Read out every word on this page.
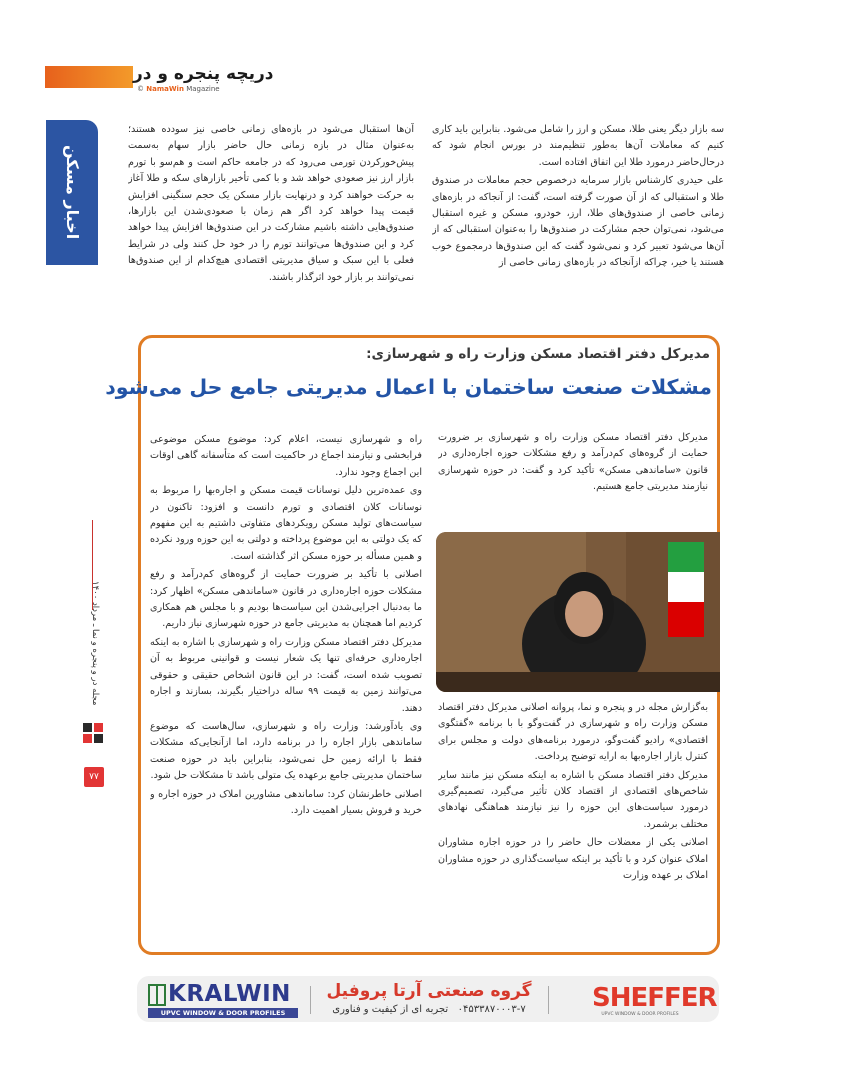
دریچه پنجره و در
© NamaWin Magazine
اخبار مسکن
مجله در و پنجره و نما ـ مرداد ۱۴۰۰
۷۷

سه بازار دیگر یعنی طلا، مسکن و ارز را شامل می‌شود. بنابراین باید کاری کنیم که معاملات آن‌ها به‌طور تنظیم‌مند در بورس انجام شود که درحال‌حاضر درمورد طلا این اتفاق افتاده است.

علی حیدری کارشناس بازار سرمایه درخصوص حجم معاملات در صندوق طلا و استقبالی که از آن صورت گرفته است، گفت: از آنجاکه در بازه‌های زمانی خاصی از صندوق‌های طلا، ارز، خودرو، مسکن و غیره استقبال می‌شود، نمی‌توان حجم مشارکت در صندوق‌ها را به‌عنوان استقبالی که از آن‌ها می‌شود تعبیر کرد و نمی‌شود گفت که این صندوق‌ها درمجموع خوب هستند یا خیر، چراکه ازآنجاکه در بازه‌های زمانی خاصی از

آن‌ها استقبال می‌شود در بازه‌های زمانی خاصی نیز سودده هستند؛ به‌عنوان مثال در بازه زمانی حال حاضر بازار سهام به‌سمت پیش‌خورکردن تورمی می‌رود که در جامعه حاکم است و هم‌سو با تورم بازار ارز نیز صعودی خواهد شد و با کمی تأخیر بازارهای سکه و طلا آغاز به حرکت خواهند کرد و درنهایت بازار مسکن یک حجم سنگینی افزایش قیمت پیدا خواهد کرد اگر هم زمان با صعودی‌شدن این بازارها، صندوق‌هایی داشته باشیم مشارکت در این صندوق‌ها افزایش پیدا خواهد کرد و این صندوق‌ها می‌توانند تورم را در خود حل کنند ولی در شرایط فعلی با این سبک و سیاق مدیریتی اقتصادی هیچ‌کدام از این صندوق‌ها نمی‌توانند بر بازار خود اثرگذار باشند.

مدیرکل دفتر اقتصاد مسکن وزارت راه و شهرسازی:
مشکلات صنعت ساختمان با اعمال مدیریتی جامع حل می‌شود

مدیرکل دفتر اقتصاد مسکن وزارت راه و شهرسازی بر ضرورت حمایت از گروه‌های کم‌درآمد و رفع مشکلات حوزه اجاره‌داری در قانون «ساماندهی مسکن» تأکید کرد و گفت: در حوزه شهرسازی نیازمند مدیریتی جامع هستیم.

به‌گزارش مجله در و پنجره و نما، پروانه اصلانی مدیرکل دفتر اقتصاد مسکن وزارت راه و شهرسازی در گفت‌وگو با با برنامه «گفتگوی اقتصادی» رادیو گفت‌وگو، درمورد برنامه‌های دولت و مجلس برای کنترل بازار اجاره‌بها به ارایه توضیح پرداخت.

مدیرکل دفتر اقتصاد مسکن با اشاره به اینکه مسکن نیز مانند سایر شاخص‌های اقتصادی از اقتصاد کلان تأثیر می‌گیرد، تصمیم‌گیری درمورد سیاست‌های این حوزه را نیز نیازمند هماهنگی نهادهای مختلف برشمرد.

اصلانی یکی از معضلات حال حاضر را در حوزه اجاره مشاوران املاک عنوان کرد و با تأکید بر اینکه سیاست‌گذاری در حوزه مشاوران املاک بر عهده وزارت

راه و شهرسازی نیست، اعلام کرد: موضوع مسکن موضوعی فرابخشی و نیازمند اجماع در حاکمیت است که متأسفانه گاهی اوقات این اجماع وجود ندارد.

وی عمده‌ترین دلیل نوسانات قیمت مسکن و اجاره‌بها را مربوط به نوسانات کلان اقتصادی و تورم دانست و افزود: تاکنون در سیاست‌های تولید مسکن رویکردهای متفاوتی داشتیم به این مفهوم که یک دولتی به این موضوع پرداخته و دولتی به این حوزه ورود نکرده و همین مسأله بر حوزه مسکن اثر گذاشته است.

اصلانی با تأکید بر ضرورت حمایت از گروه‌های کم‌درآمد و رفع مشکلات حوزه اجاره‌داری در قانون «ساماندهی مسکن» اظهار کرد: ما به‌دنبال اجرایی‌شدن این سیاست‌ها بودیم و با مجلس هم همکاری کردیم اما همچنان به مدیریتی جامع در حوزه شهرسازی نیاز داریم.

مدیرکل دفتر اقتصاد مسکن وزارت راه و شهرسازی با اشاره به اینکه اجاره‌داری حرفه‌ای تنها یک شعار نیست و قوانینی مربوط به آن تصویب شده است، گفت: در این قانون اشخاص حقیقی و حقوقی می‌توانند زمین به قیمت ۹۹ ساله دراختیار بگیرند، بسازند و اجاره دهند.

وی یادآورشد: وزارت راه و شهرسازی، سال‌هاست که موضوع ساماندهی بازار اجاره را در برنامه دارد، اما ازآنجایی‌که مشکلات فقط با ارائه زمین حل نمی‌شود، بنابراین باید در حوزه صنعت ساختمان مدیریتی جامع برعهده یک متولی باشد تا مشکلات حل شود.

اصلانی خاطرنشان کرد: ساماندهی مشاورین املاک در حوزه اجاره و خرید و فروش بسیار اهمیت دارد.

KRALWIN
UPVC WINDOW & DOOR PROFILES
گروه صنعتی آرتا پروفیل
۰۴۵۳۳۸۷۰۰۰۳-۷   تجربه ای از کیفیت و فناوری	SHEFFER
UPVC WINDOW & DOOR PROFILES
